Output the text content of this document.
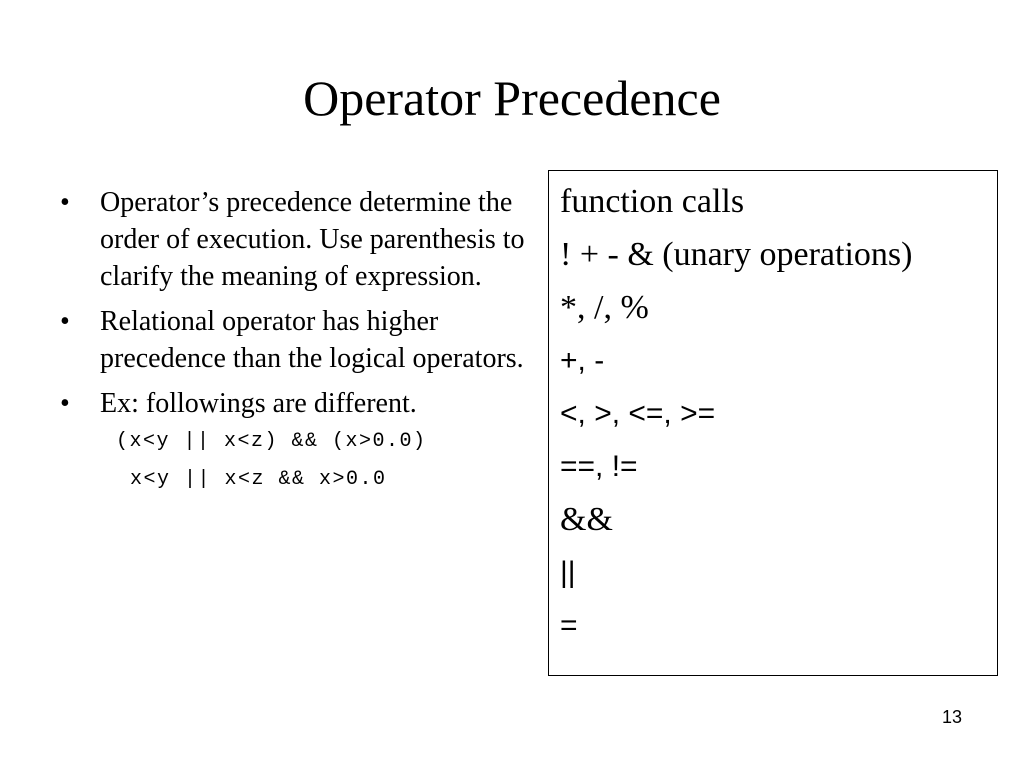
Operator Precedence
•	Operator’s precedence determine the order of execution. Use parenthesis to clarify the meaning of expression.
•	Relational operator has higher precedence than the logical operators.
•	Ex: followings are different.
(x<y || x<z) && (x>0.0)
x<y || x<z && x>0.0

function calls

! + - & (unary operations)

*, /, %

+, -

<, >, <=, >=

==, !=

&&

||

=

13
